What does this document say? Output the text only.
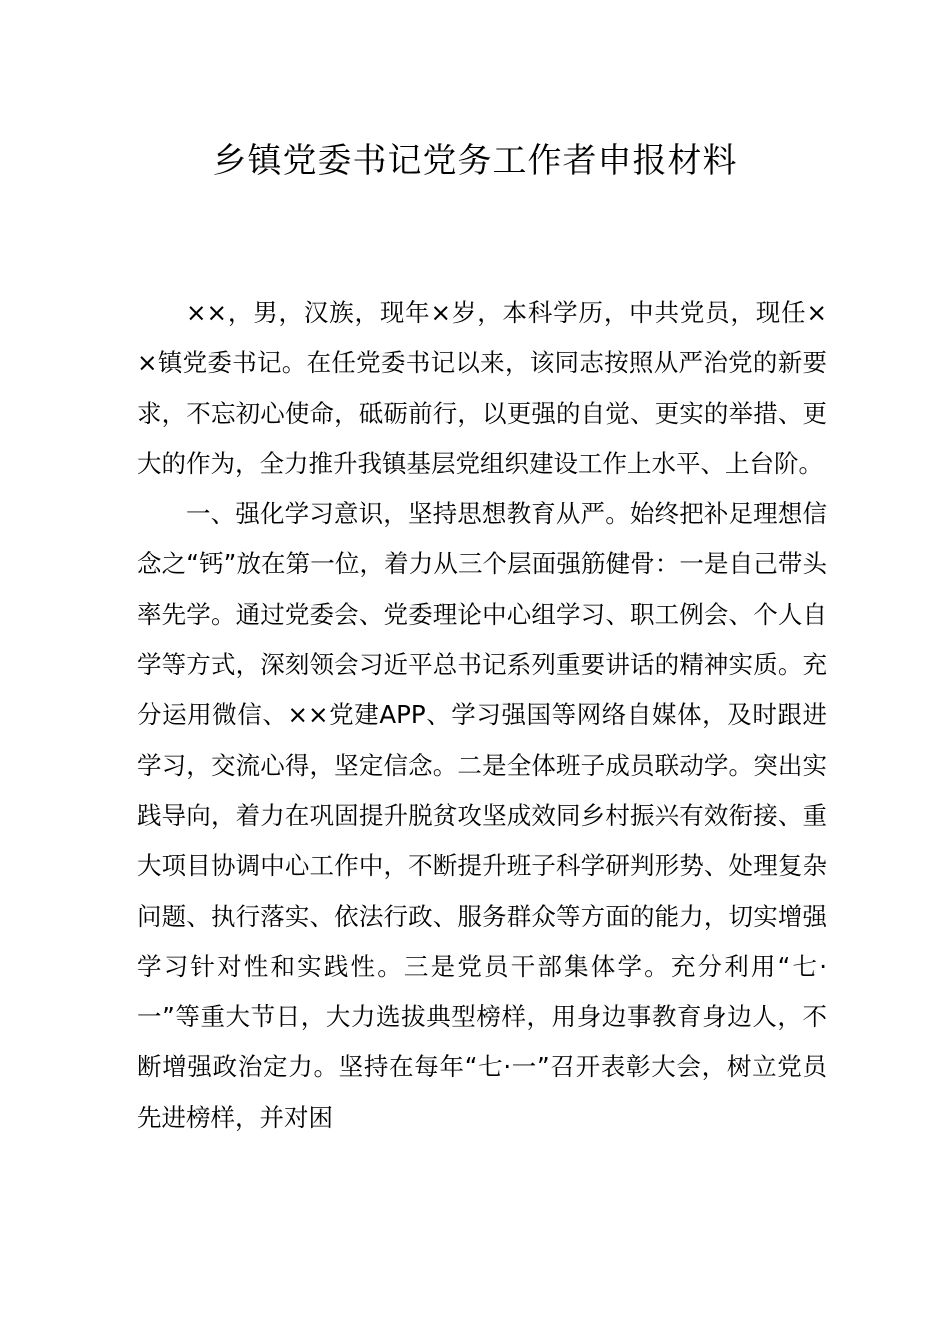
乡镇党委书记党务工作者申报材料

××，男，汉族，现年×岁，本科学历，中共党员，现任××镇党委书记。在任党委书记以来，该同志按照从严治党的新要求，不忘初心使命，砥砺前行，以更强的自觉、更实的举措、更大的作为，全力推升我镇基层党组织建设工作上水平、上台阶。

一、强化学习意识，坚持思想教育从严。始终把补足理想信念之“钙”放在第一位，着力从三个层面强筋健骨：一是自己带头率先学。通过党委会、党委理论中心组学习、职工例会、个人自学等方式，深刻领会习近平总书记系列重要讲话的精神实质。充分运用微信、××党建APP、学习强国等网络自媒体，及时跟进学习，交流心得，坚定信念。二是全体班子成员联动学。突出实践导向，着力在巩固提升脱贫攻坚成效同乡村振兴有效衔接、重大项目协调中心工作中，不断提升班子科学研判形势、处理复杂问题、执行落实、依法行政、服务群众等方面的能力，切实增强学习针对性和实践性。三是党员干部集体学。充分利用“七·一”等重大节日，大力选拔典型榜样，用身边事教育身边人，不断增强政治定力。坚持在每年“七·一”召开表彰大会，树立党员先进榜样，并对困
